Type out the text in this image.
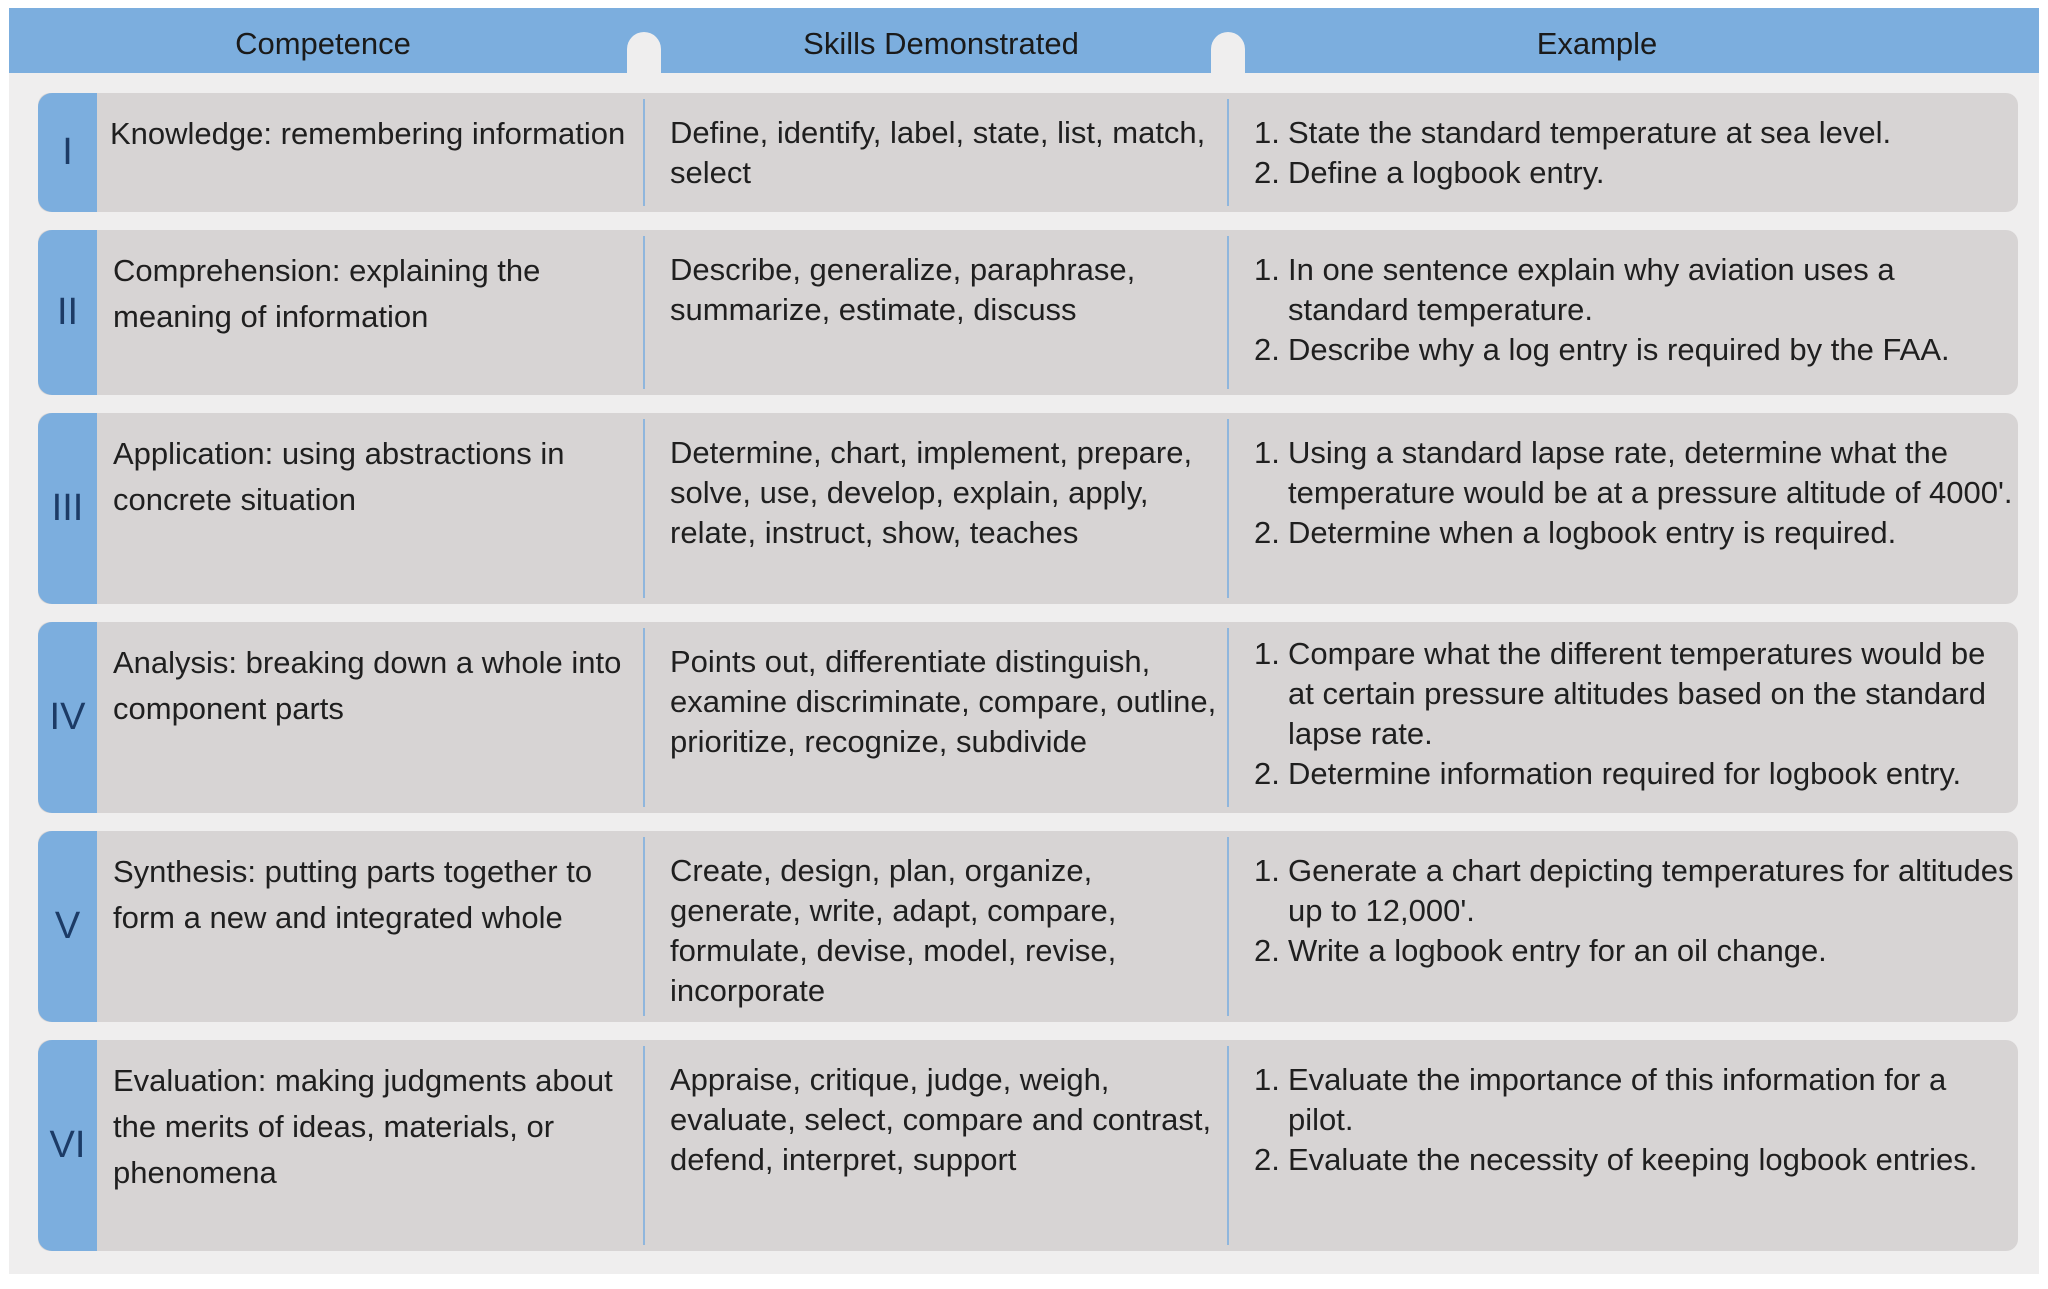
Competence	Skills Demonstrated	Example
I Knowledge: remembering information Define, identify, label, state, list, match, select
1. State the standard temperature at sea level.
2. Define a logbook entry.
II
Comprehension: explaining the meaning of information
Describe, generalize, paraphrase, summarize, estimate, discuss
1. In one sentence explain why aviation uses a standard temperature.
2. Describe why a log entry is required by the FAA.
III
Application: using abstractions in concrete situation
Determine, chart, implement, prepare, solve, use, develop, explain, apply, relate, instruct, show, teaches
1. Using a standard lapse rate, determine what the temperature would be at a pressure altitude of 4000'.
2. Determine when a logbook entry is required.
IV
Analysis: breaking down a whole into component parts
Points out, differentiate distinguish, examine discriminate, compare, outline, prioritize, recognize, subdivide
1. Compare what the different temperatures would be at certain pressure altitudes based on the standard lapse rate.
2. Determine information required for logbook entry.
V
Synthesis: putting parts together to form a new and integrated whole
Create, design, plan, organize, generate, write, adapt, compare, formulate, devise, model, revise, incorporate
1. Generate a chart depicting temperatures for altitudes up to 12,000'.
2. Write a logbook entry for an oil change.
VI
Evaluation: making judgments about the merits of ideas, materials, or phenomena
Appraise, critique, judge, weigh, evaluate, select, compare and contrast, defend, interpret, support
1. Evaluate the importance of this information for a pilot.
2. Evaluate the necessity of keeping logbook entries.
